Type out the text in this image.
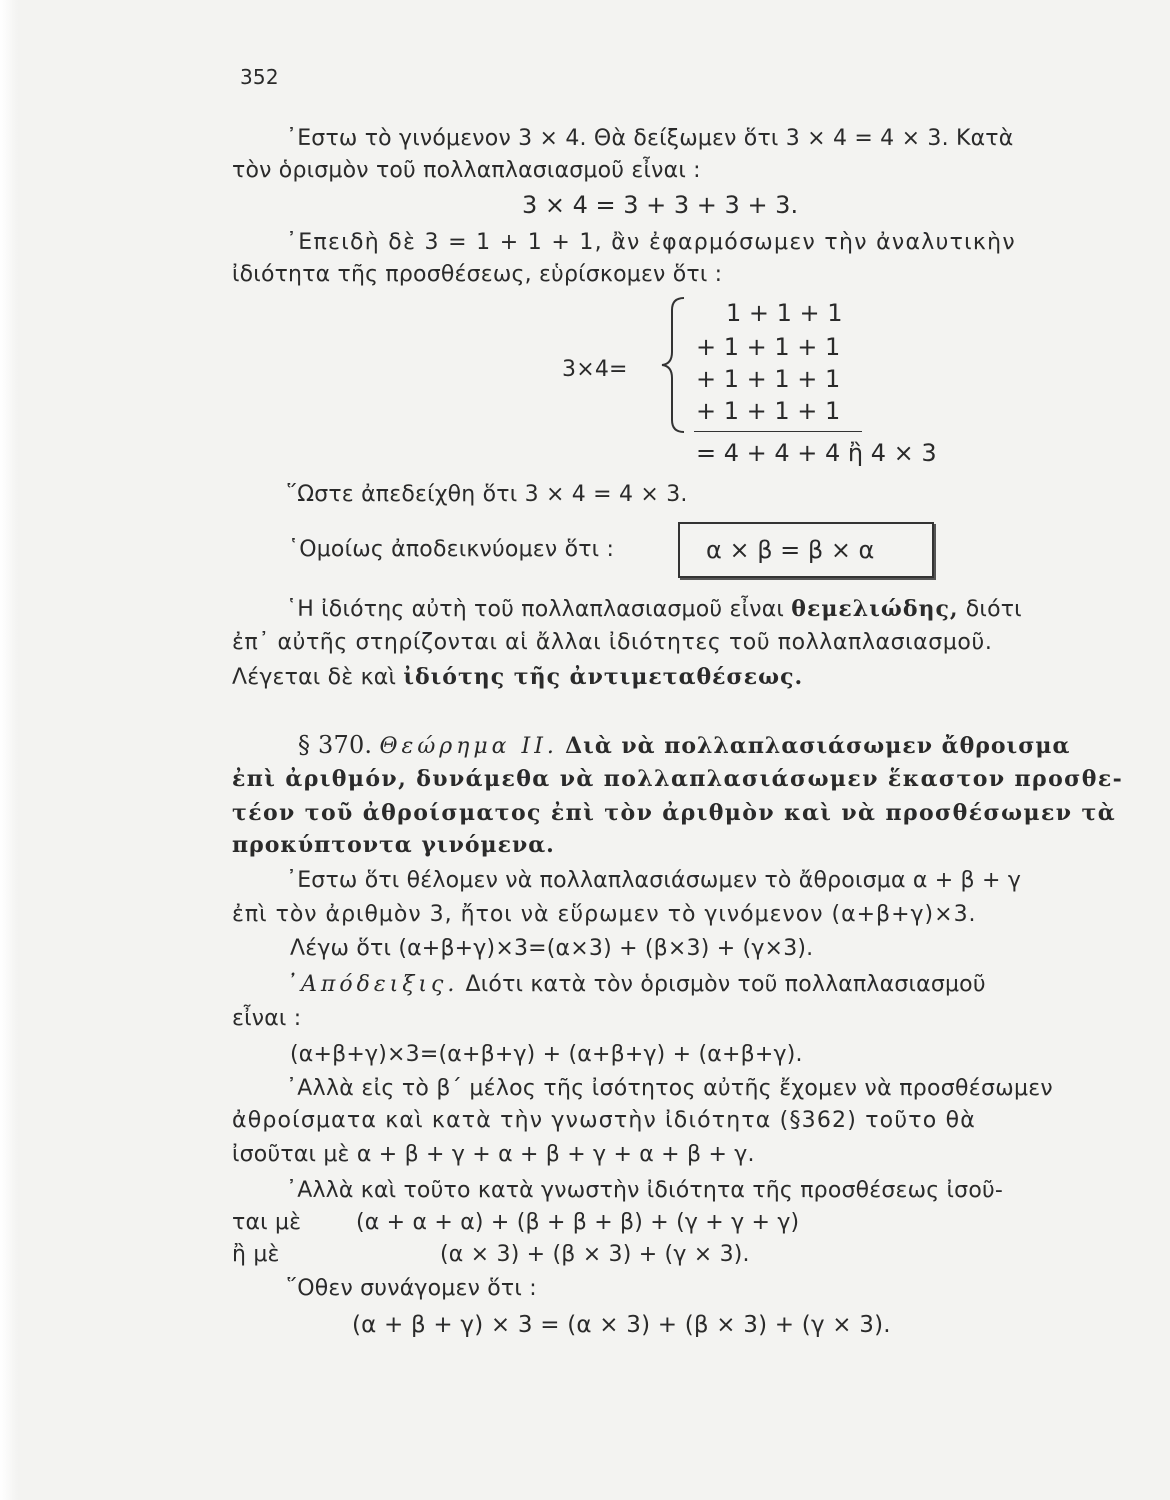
352
᾿Εστω τὸ γινόμενον 3 × 4. Θὰ δείξωμεν ὅτι 3 × 4 = 4 × 3. Κατὰ
τὸν ὁρισμὸν τοῦ πολλαπλασιασμοῦ εἶναι :
3 × 4 = 3 + 3 + 3 + 3.
᾿Επειδὴ δὲ 3 = 1 + 1 + 1, ἂν ἐφαρμόσωμεν τὴν ἀναλυτικὴν
ἰδιότητα τῆς προσθέσεως, εὑρίσκομεν ὅτι :
3×4=
1 + 1 + 1
+ 1 + 1 + 1
+ 1 + 1 + 1
+ 1 + 1 + 1
= 4 + 4 + 4 ἢ 4 × 3
῞Ωστε ἀπεδείχθη ὅτι 3 × 4 = 4 × 3.
῾Ομοίως ἀποδεικνύομεν ὅτι :	α × β = β × α
῾Η ἰδιότης αὐτὴ τοῦ πολλαπλασιασμοῦ εἶναι θεμελιώδης, διότι
ἐπ᾿ αὐτῆς στηρίζονται αἱ ἄλλαι ἰδιότητες τοῦ πολλαπλασιασμοῦ.
Λέγεται δὲ καὶ ἰδιότης τῆς ἀντιμεταθέσεως.
§ 370. Θεώρημα ΙΙ. Διὰ νὰ πολλαπλασιάσωμεν ἄθροισμα
ἐπὶ ἀριθμόν, δυνάμεθα νὰ πολλαπλασιάσωμεν ἕκαστον προσθε-
τέον τοῦ ἀθροίσματος ἐπὶ τὸν ἀριθμὸν καὶ νὰ προσθέσωμεν τὰ
προκύπτοντα γινόμενα.
᾿Εστω ὅτι θέλομεν νὰ πολλαπλασιάσωμεν τὸ ἄθροισμα α + β + γ
ἐπὶ τὸν ἀριθμὸν 3, ἤτοι νὰ εὕρωμεν τὸ γινόμενον (α+β+γ)×3.
Λέγω ὅτι (α+β+γ)×3=(α×3) + (β×3) + (γ×3).
᾿Απόδειξις. Διότι κατὰ τὸν ὁρισμὸν τοῦ πολλαπλασιασμοῦ
εἶναι :
(α+β+γ)×3=(α+β+γ) + (α+β+γ) + (α+β+γ).
᾿Αλλὰ εἰς τὸ β΄ μέλος τῆς ἰσότητος αὐτῆς ἔχομεν νὰ προσθέσωμεν
ἀθροίσματα καὶ κατὰ τὴν γνωστὴν ἰδιότητα (§362) τοῦτο θὰ
ἰσοῦται μὲ α + β + γ + α + β + γ + α + β + γ.
᾿Αλλὰ καὶ τοῦτο κατὰ γνωστὴν ἰδιότητα τῆς προσθέσεως ἰσοῦ-
ται μὲ (α + α + α) + (β + β + β) + (γ + γ + γ)
ἢ μὲ	(α × 3) + (β × 3) + (γ × 3).
῞Οθεν συνάγομεν ὅτι :
(α + β + γ) × 3 = (α × 3) + (β × 3) + (γ × 3).
